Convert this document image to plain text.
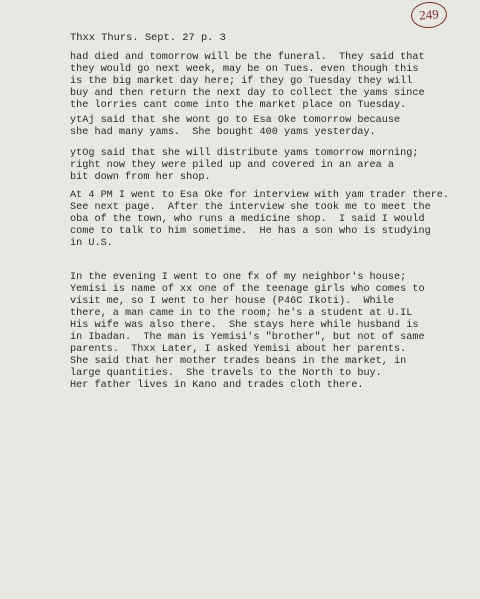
249
Thxx Thurs. Sept. 27 p. 3
had died and tomorrow will be the funeral.  They said that
they would go next week, may be on Tues. even though this
is the big market day here; if they go Tuesday they will
buy and then return the next day to collect the yams since
the lorries cant come into the market place on Tuesday.
ytAj said that she wont go to Esa Oke tomorrow because
she had many yams.  She bought 400 yams yesterday.
ytOg said that she will distribute yams tomorrow morning;
right now they were piled up and covered in an area a
bit down from her shop.
At 4 PM I went to Esa Oke for interview with yam trader there.
See next page.  After the interview she took me to meet the
oba of the town, who runs a medicine shop.  I said I would
come to talk to him sometime.  He has a son who is studying
in U.S.
In the evening I went to one fx of my neighbor's house;
Yemisi is name of xx one of the teenage girls who comes to
visit me, so I went to her house (P46C Ikoti).  While
there, a man came in to the room; he's a student at U.IL
His wife was also there.  She stays here while husband is
in Ibadan.  The man is Yemisi's "brother", but not of same
parents.  Thxx Later, I asked Yemisi about her parents.
She said that her mother trades beans in the market, in
large quantities.  She travels to the North to buy.
Her father lives in Kano and trades cloth there.
